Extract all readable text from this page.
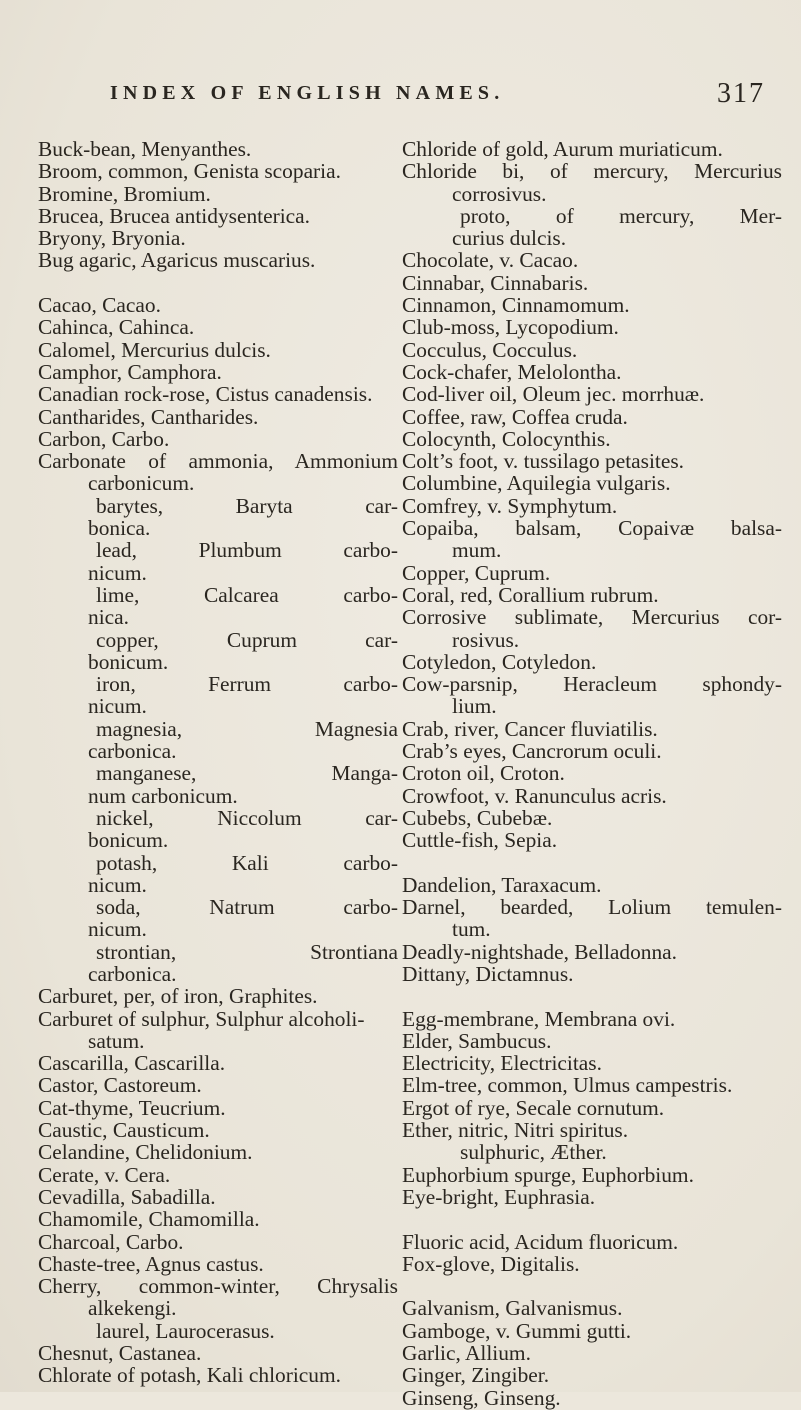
INDEX OF ENGLISH NAMES.	317
Buck-bean, Menyanthes.
Broom, common, Genista scoparia.
Bromine, Bromium.
Brucea, Brucea antidysenterica.
Bryony, Bryonia.
Bug agaric, Agaricus muscarius.
Cacao, Cacao.
Cahinca, Cahinca.
Calomel, Mercurius dulcis.
Camphor, Camphora.
Canadian rock-rose, Cistus canadensis.
Cantharides, Cantharides.
Carbon, Carbo.
Carbonate of ammonia, Ammonium
carbonicum.
barytes, Baryta car-
bonica.
lead, Plumbum carbo-
nicum.
lime, Calcarea carbo-
nica.
copper, Cuprum car-
bonicum.
iron, Ferrum carbo-
nicum.
magnesia, Magnesia
carbonica.
manganese, Manga-
num carbonicum.
nickel, Niccolum car-
bonicum.
potash, Kali carbo-
nicum.
soda, Natrum carbo-
nicum.
strontian, Strontiana
carbonica.
Carburet, per, of iron, Graphites.
Carburet of sulphur, Sulphur alcoholi-
satum.
Cascarilla, Cascarilla.
Castor, Castoreum.
Cat-thyme, Teucrium.
Caustic, Causticum.
Celandine, Chelidonium.
Cerate, v. Cera.
Cevadilla, Sabadilla.
Chamomile, Chamomilla.
Charcoal, Carbo.
Chaste-tree, Agnus castus.
Cherry, common-winter, Chrysalis
alkekengi.
laurel, Laurocerasus.
Chesnut, Castanea.
Chlorate of potash, Kali chloricum.
Chloride of gold, Aurum muriaticum.
Chloride bi, of mercury, Mercurius
corrosivus.
proto, of mercury, Mer-
curius dulcis.
Chocolate, v. Cacao.
Cinnabar, Cinnabaris.
Cinnamon, Cinnamomum.
Club-moss, Lycopodium.
Cocculus, Cocculus.
Cock-chafer, Melolontha.
Cod-liver oil, Oleum jec. morrhuæ.
Coffee, raw, Coffea cruda.
Colocynth, Colocynthis.
Colt’s foot, v. tussilago petasites.
Columbine, Aquilegia vulgaris.
Comfrey, v. Symphytum.
Copaiba, balsam, Copaivæ balsa-
mum.
Copper, Cuprum.
Coral, red, Corallium rubrum.
Corrosive sublimate, Mercurius cor-
rosivus.
Cotyledon, Cotyledon.
Cow-parsnip, Heracleum sphondy-
lium.
Crab, river, Cancer fluviatilis.
Crab’s eyes, Cancrorum oculi.
Croton oil, Croton.
Crowfoot, v. Ranunculus acris.
Cubebs, Cubebæ.
Cuttle-fish, Sepia.
Dandelion, Taraxacum.
Darnel, bearded, Lolium temulen-
tum.
Deadly-nightshade, Belladonna.
Dittany, Dictamnus.
Egg-membrane, Membrana ovi.
Elder, Sambucus.
Electricity, Electricitas.
Elm-tree, common, Ulmus campestris.
Ergot of rye, Secale cornutum.
Ether, nitric, Nitri spiritus.
sulphuric, Æther.
Euphorbium spurge, Euphorbium.
Eye-bright, Euphrasia.
Fluoric acid, Acidum fluoricum.
Fox-glove, Digitalis.
Galvanism, Galvanismus.
Gamboge, v. Gummi gutti.
Garlic, Allium.
Ginger, Zingiber.
Ginseng, Ginseng.
